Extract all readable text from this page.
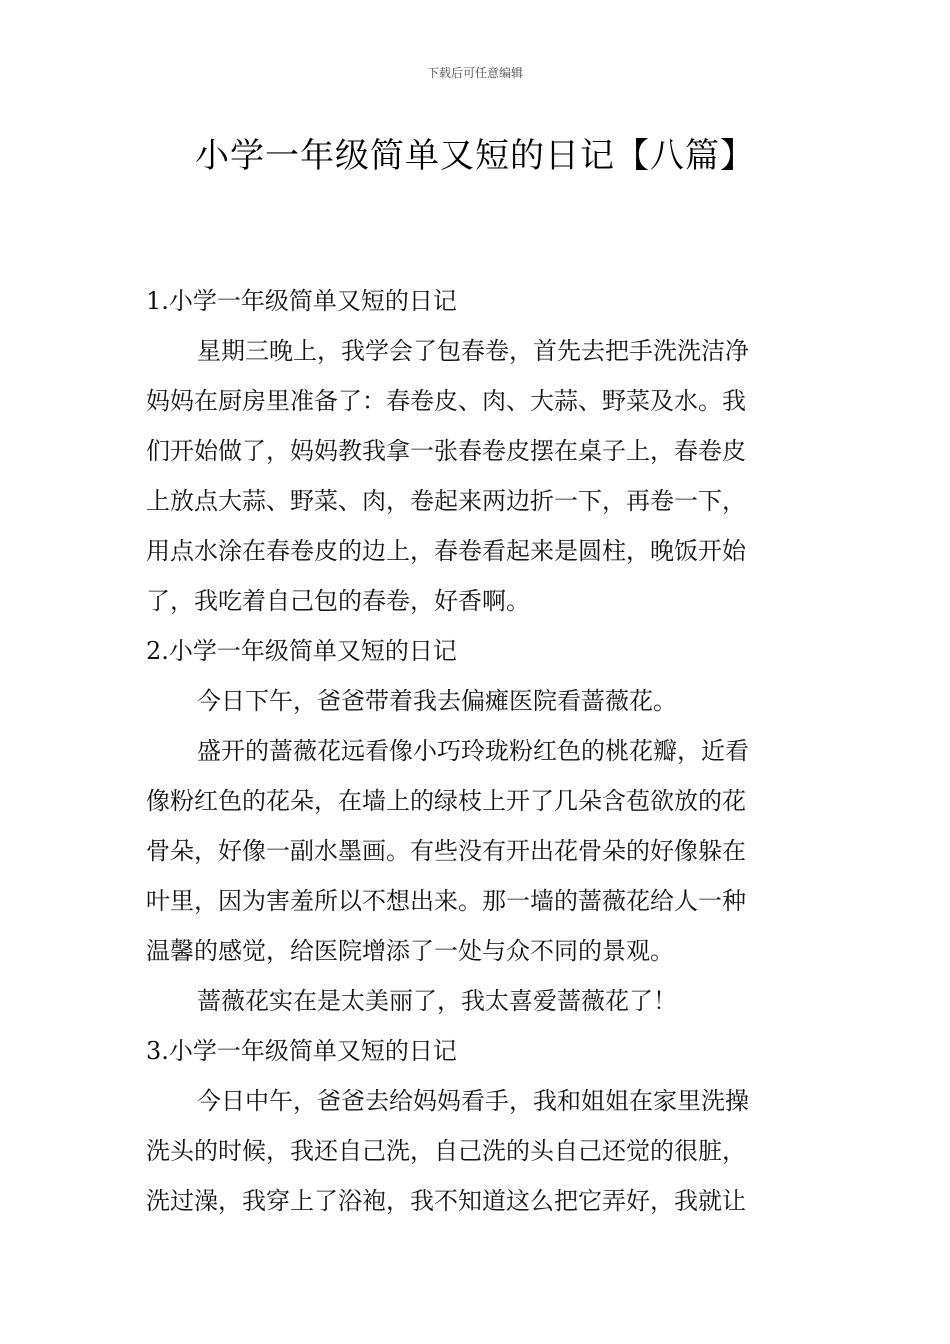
下载后可任意编辑
小学一年级简单又短的日记【八篇】
1.小学一年级简单又短的日记
星期三晚上，我学会了包春卷，首先去把手洗洗洁净
妈妈在厨房里准备了：春卷皮、肉、大蒜、野菜及水。我
们开始做了，妈妈教我拿一张春卷皮摆在桌子上，春卷皮
上放点大蒜、野菜、肉，卷起来两边折一下，再卷一下，
用点水涂在春卷皮的边上，春卷看起来是圆柱，晚饭开始
了，我吃着自己包的春卷，好香啊。
2.小学一年级简单又短的日记
今日下午，爸爸带着我去偏瘫医院看蔷薇花。
盛开的蔷薇花远看像小巧玲珑粉红色的桃花瓣，近看
像粉红色的花朵，在墙上的绿枝上开了几朵含苞欲放的花
骨朵，好像一副水墨画。有些没有开出花骨朵的好像躲在
叶里，因为害羞所以不想出来。那一墙的蔷薇花给人一种
温馨的感觉，给医院增添了一处与众不同的景观。
蔷薇花实在是太美丽了，我太喜爱蔷薇花了！
3.小学一年级简单又短的日记
今日中午，爸爸去给妈妈看手，我和姐姐在家里洗操
洗头的时候，我还自己洗，自己洗的头自己还觉的很脏，
洗过澡，我穿上了浴袍，我不知道这么把它弄好，我就让
